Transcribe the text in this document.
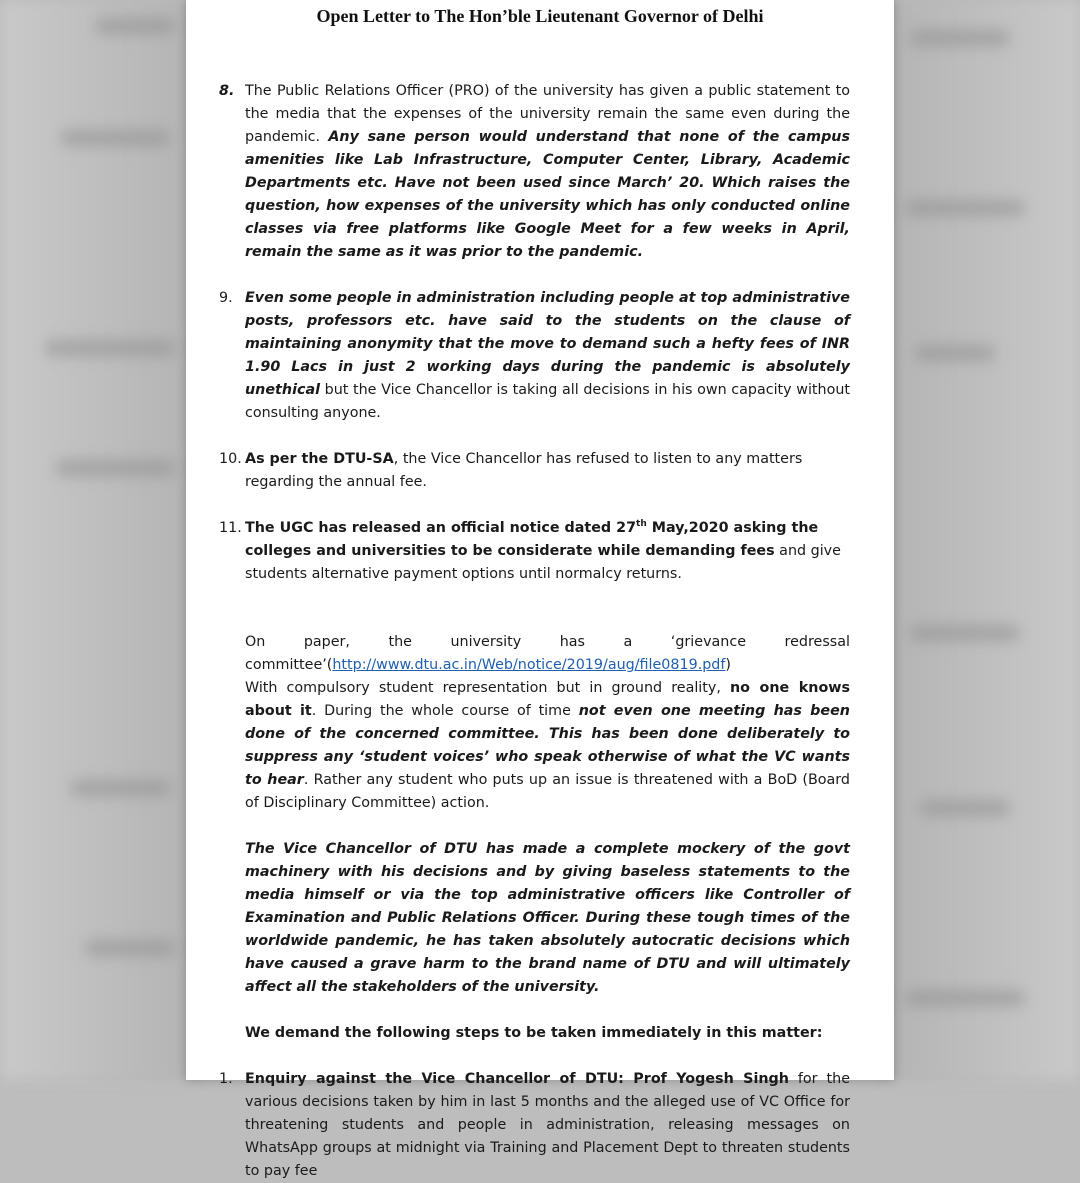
Open Letter to The Hon’ble Lieutenant Governor of Delhi
8. The Public Relations Officer (PRO) of the university has given a public statement to the media that the expenses of the university remain the same even during the pandemic. Any sane person would understand that none of the campus amenities like Lab Infrastructure, Computer Center, Library, Academic Departments etc. Have not been used since March’ 20. Which raises the question, how expenses of the university which has only conducted online classes via free platforms like Google Meet for a few weeks in April, remain the same as it was prior to the pandemic.
9. Even some people in administration including people at top administrative posts, professors etc. have said to the students on the clause of maintaining anonymity that the move to demand such a hefty fees of INR 1.90 Lacs in just 2 working days during the pandemic is absolutely unethical but the Vice Chancellor is taking all decisions in his own capacity without consulting anyone.
10. As per the DTU-SA, the Vice Chancellor has refused to listen to any matters regarding the annual fee.
11. The UGC has released an official notice dated 27th May,2020 asking the colleges and universities to be considerate while demanding fees and give students alternative payment options until normalcy returns.
On	paper,	the	university	has	a	‘grievance	redressal
committee’(http://www.dtu.ac.in/Web/notice/2019/aug/file0819.pdf)
With compulsory student representation but in ground reality, no one knows about it. During the whole course of time not even one meeting has been done of the concerned committee. This has been done deliberately to suppress any ‘student voices’ who speak otherwise of what the VC wants to hear. Rather any student who puts up an issue is threatened with a BoD (Board of Disciplinary Committee) action.
The Vice Chancellor of DTU has made a complete mockery of the govt machinery with his decisions and by giving baseless statements to the media himself or via the top administrative officers like Controller of Examination and Public Relations Officer. During these tough times of the worldwide pandemic, he has taken absolutely autocratic decisions which have caused a grave harm to the brand name of DTU and will ultimately affect all the stakeholders of the university.
We demand the following steps to be taken immediately in this matter:
1. Enquiry against the Vice Chancellor of DTU: Prof Yogesh Singh for the various decisions taken by him in last 5 months and the alleged use of VC Office for threatening students and people in administration, releasing messages on WhatsApp groups at midnight via Training and Placement Dept to threaten students to pay fee
